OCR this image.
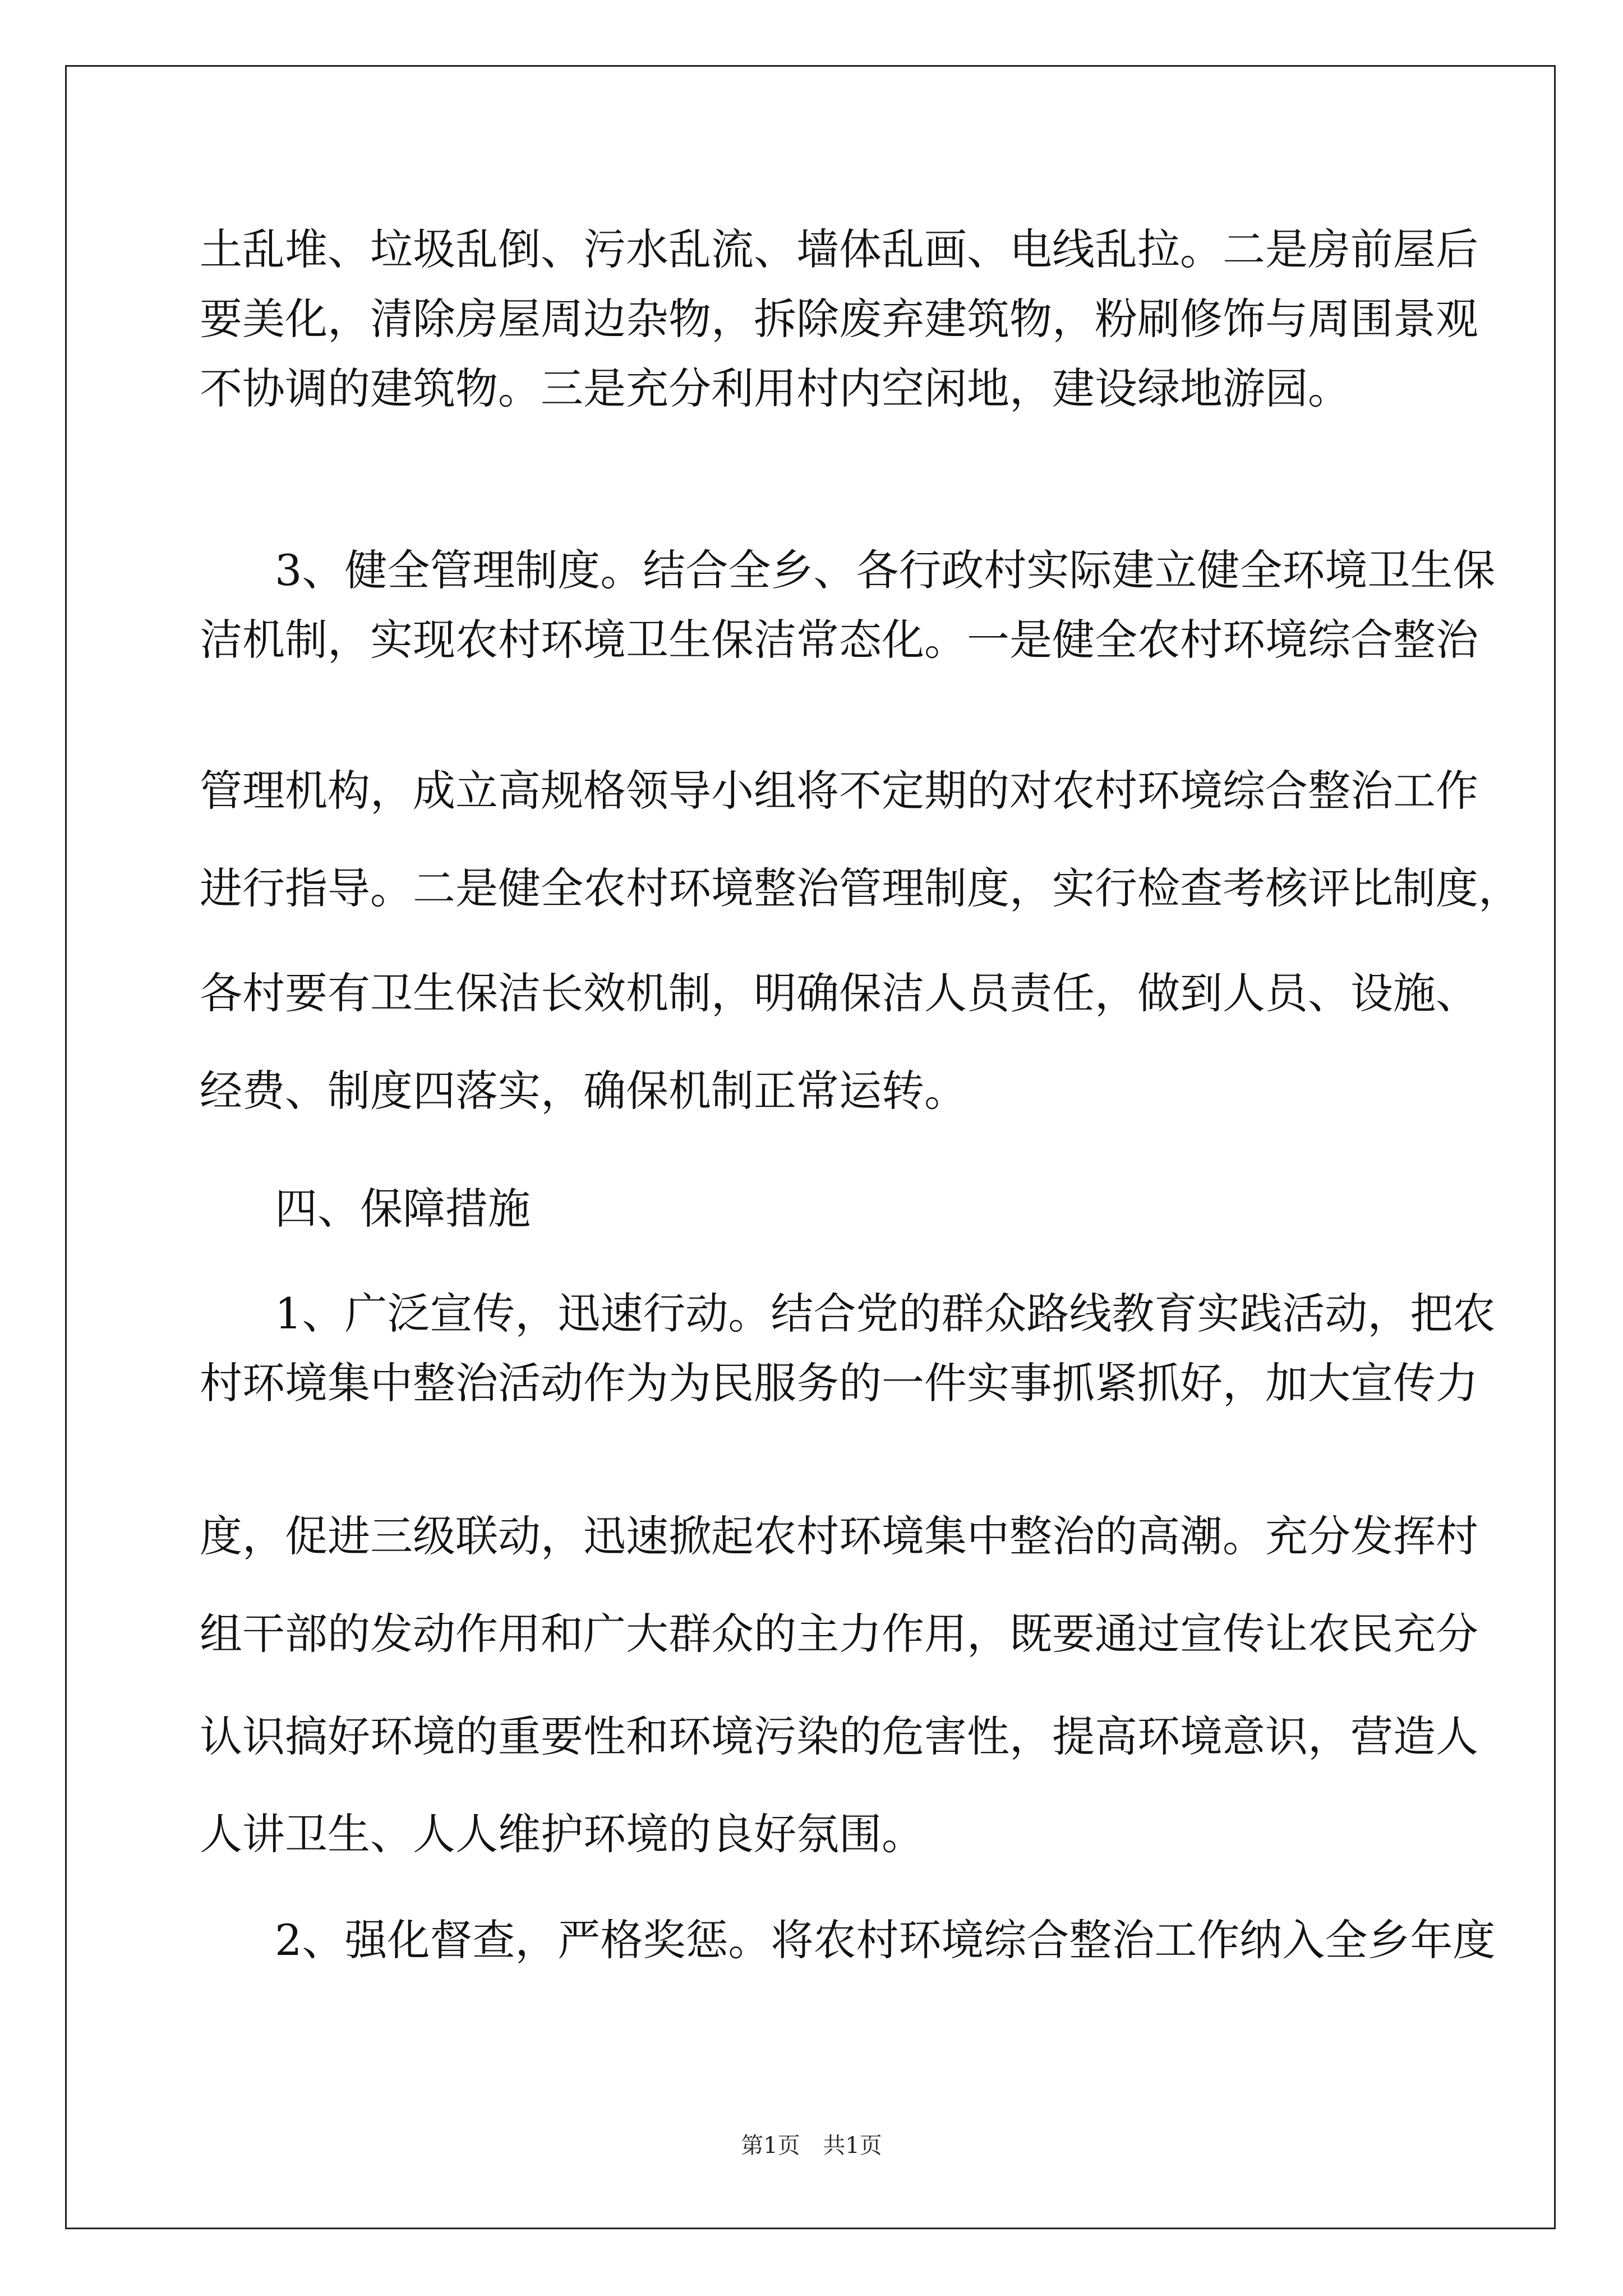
土乱堆、垃圾乱倒、污水乱流、墙体乱画、电线乱拉。二是房前屋后

要美化，清除房屋周边杂物，拆除废弃建筑物，粉刷修饰与周围景观

不协调的建筑物。三是充分利用村内空闲地，建设绿地游园。

3、健全管理制度。结合全乡、各行政村实际建立健全环境卫生保

洁机制，实现农村环境卫生保洁常态化。一是健全农村环境综合整治

管理机构，成立高规格领导小组将不定期的对农村环境综合整治工作

进行指导。二是健全农村环境整治管理制度，实行检查考核评比制度，

各村要有卫生保洁长效机制，明确保洁人员责任，做到人员、设施、

经费、制度四落实，确保机制正常运转。

四、保障措施

1、广泛宣传，迅速行动。结合党的群众路线教育实践活动，把农

村环境集中整治活动作为为民服务的一件实事抓紧抓好，加大宣传力

度，促进三级联动，迅速掀起农村环境集中整治的高潮。充分发挥村

组干部的发动作用和广大群众的主力作用，既要通过宣传让农民充分

认识搞好环境的重要性和环境污染的危害性，提高环境意识，营造人

人讲卫生、人人维护环境的良好氛围。

2、强化督查，严格奖惩。将农村环境综合整治工作纳入全乡年度

第1页 共1页
